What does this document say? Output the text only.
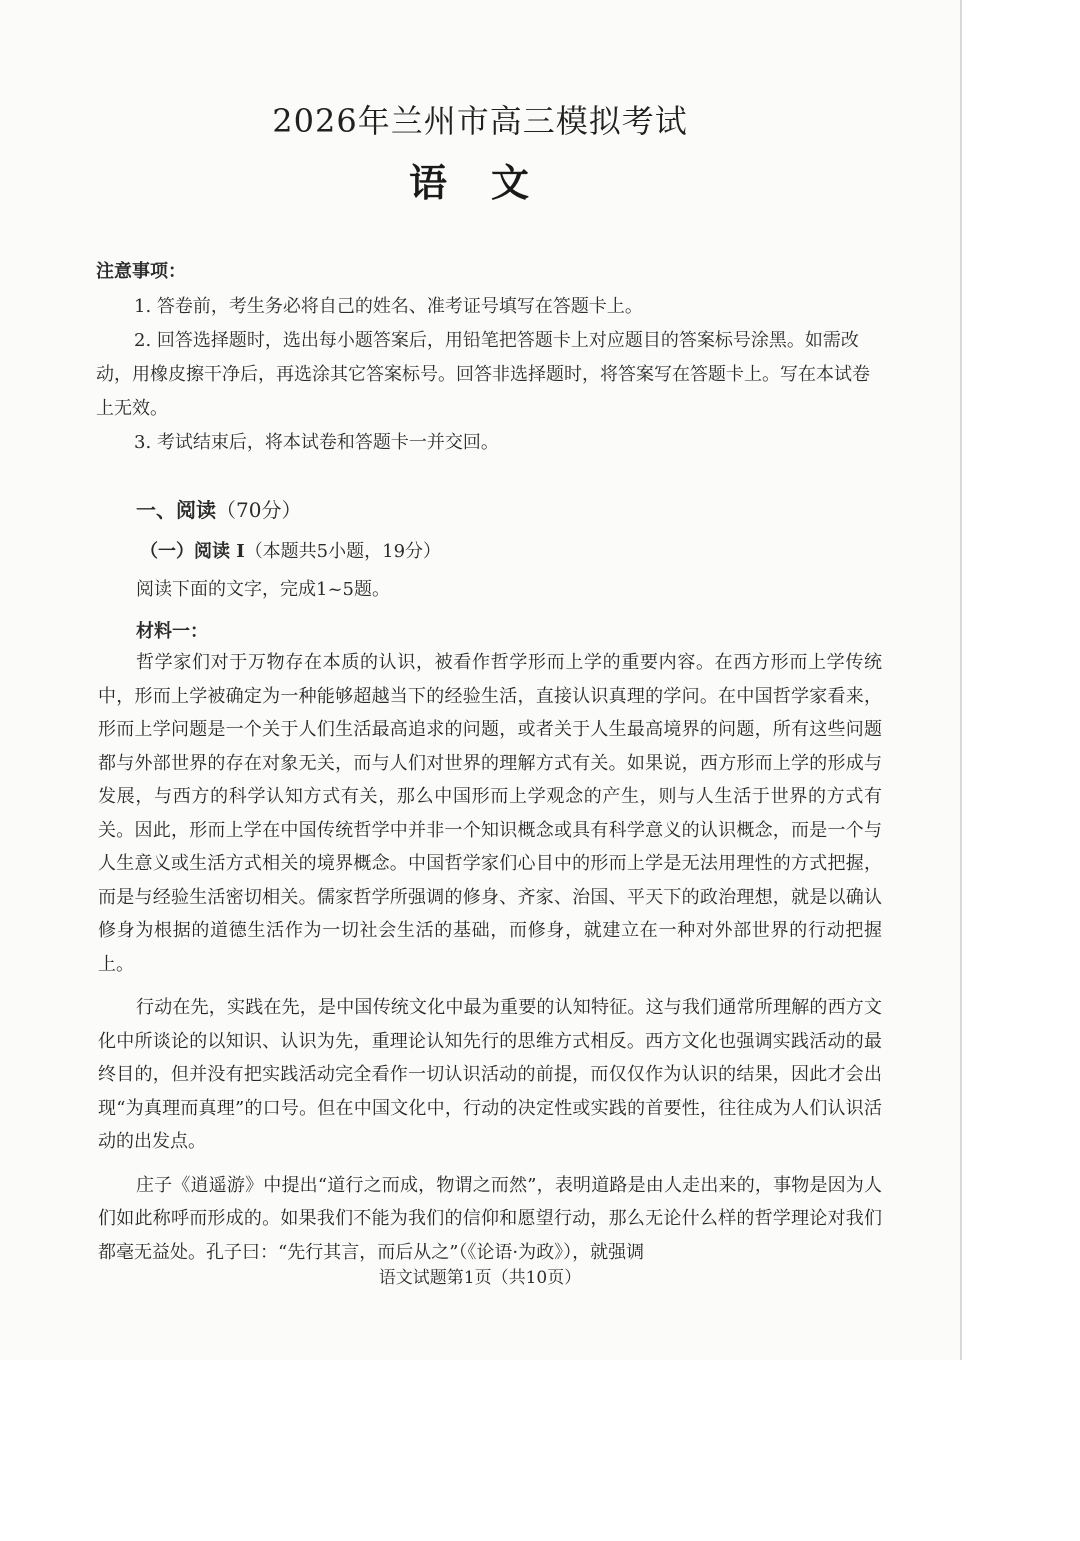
2026年兰州市高三模拟考试
语文
注意事项：
1. 答卷前，考生务必将自己的姓名、准考证号填写在答题卡上。
2. 回答选择题时，选出每小题答案后，用铅笔把答题卡上对应题目的答案标号涂黑。如需改动，用橡皮擦干净后，再选涂其它答案标号。回答非选择题时，将答案写在答题卡上。写在本试卷上无效。
3. 考试结束后，将本试卷和答题卡一并交回。
一、阅读（70分）
（一）阅读 I（本题共5小题，19分）
阅读下面的文字，完成1~5题。
材料一：

哲学家们对于万物存在本质的认识，被看作哲学形而上学的重要内容。在西方形而上学传统中，形而上学被确定为一种能够超越当下的经验生活，直接认识真理的学问。在中国哲学家看来，形而上学问题是一个关于人们生活最高追求的问题，或者关于人生最高境界的问题，所有这些问题都与外部世界的存在对象无关，而与人们对世界的理解方式有关。如果说，西方形而上学的形成与发展，与西方的科学认知方式有关，那么中国形而上学观念的产生，则与人生活于世界的方式有关。因此，形而上学在中国传统哲学中并非一个知识概念或具有科学意义的认识概念，而是一个与人生意义或生活方式相关的境界概念。中国哲学家们心目中的形而上学是无法用理性的方式把握，而是与经验生活密切相关。儒家哲学所强调的修身、齐家、治国、平天下的政治理想，就是以确认修身为根据的道德生活作为一切社会生活的基础，而修身，就建立在一种对外部世界的行动把握上。

行动在先，实践在先，是中国传统文化中最为重要的认知特征。这与我们通常所理解的西方文化中所谈论的以知识、认识为先，重理论认知先行的思维方式相反。西方文化也强调实践活动的最终目的，但并没有把实践活动完全看作一切认识活动的前提，而仅仅作为认识的结果，因此才会出现“为真理而真理”的口号。但在中国文化中，行动的决定性或实践的首要性，往往成为人们认识活动的出发点。

庄子《逍遥游》中提出“道行之而成，物谓之而然”，表明道路是由人走出来的，事物是因为人们如此称呼而形成的。如果我们不能为我们的信仰和愿望行动，那么无论什么样的哲学理论对我们都毫无益处。孔子曰：“先行其言，而后从之”（《论语·为政》），就强调

语文试题第1页（共10页）
